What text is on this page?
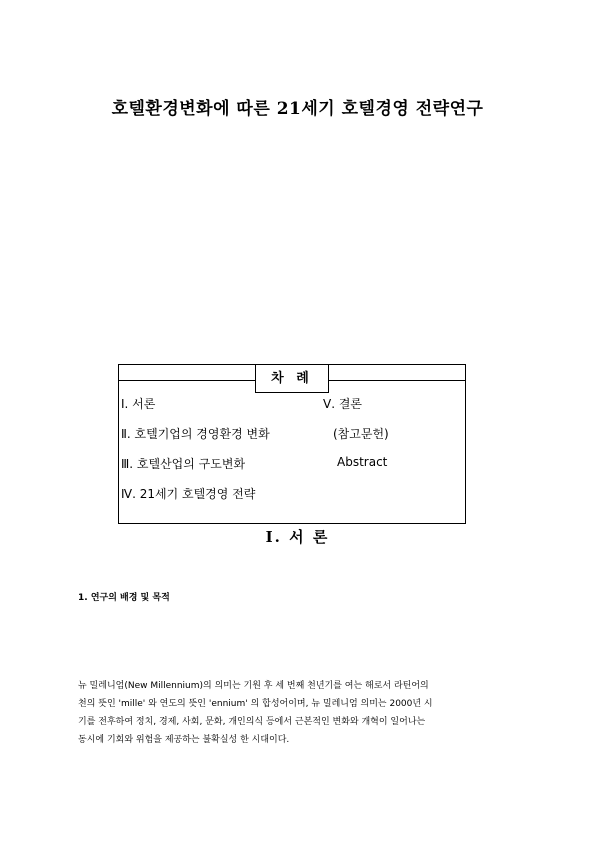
호텔환경변화에 따른 21세기 호텔경영 전략연구
차 례
Ⅰ. 서론
Ⅱ. 호텔기업의 경영환경 변화
Ⅲ. 호텔산업의 구도변화
Ⅳ. 21세기 호텔경영 전략
Ⅴ. 결론
(참고문헌)
Abstract
Ⅰ. 서 론
1. 연구의 배경 및 목적
뉴 밀레니엄(New Millennium)의 의미는 기원 후 세 번째 천년기를 여는 해로서 라틴어의
천의 뜻인 'mille' 와 연도의 뜻인 'ennium' 의 합성어이며, 뉴 밀레니엄 의미는 2000년 시
기를 전후하여 정치, 경제, 사회, 문화, 개인의식 등에서 근본적인 변화와 개혁이 일어나는
동시에 기회와 위험을 제공하는 불확실성 한 시대이다.
